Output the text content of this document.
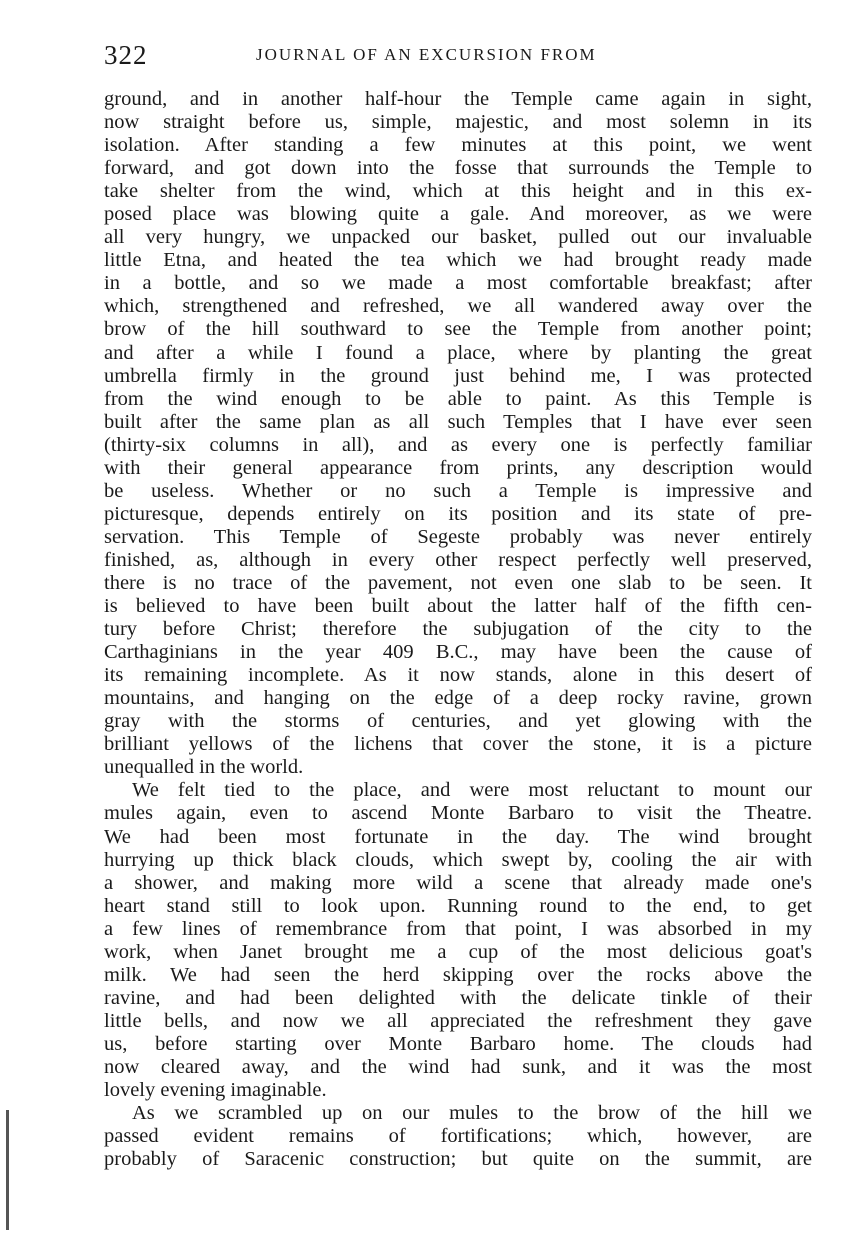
322	JOURNAL OF AN EXCURSION FROM
ground, and in another half-hour the Temple came again in sight,
now straight before us, simple, majestic, and most solemn in its
isolation. After standing a few minutes at this point, we went
forward, and got down into the fosse that surrounds the Temple to
take shelter from the wind, which at this height and in this ex-
posed place was blowing quite a gale. And moreover, as we were
all very hungry, we unpacked our basket, pulled out our invaluable
little Etna, and heated the tea which we had brought ready made
in a bottle, and so we made a most comfortable breakfast; after
which, strengthened and refreshed, we all wandered away over the
brow of the hill southward to see the Temple from another point;
and after a while I found a place, where by planting the great
umbrella firmly in the ground just behind me, I was protected
from the wind enough to be able to paint. As this Temple is
built after the same plan as all such Temples that I have ever seen
(thirty-six columns in all), and as every one is perfectly familiar
with their general appearance from prints, any description would
be useless. Whether or no such a Temple is impressive and
picturesque, depends entirely on its position and its state of pre-
servation. This Temple of Segeste probably was never entirely
finished, as, although in every other respect perfectly well preserved,
there is no trace of the pavement, not even one slab to be seen. It
is believed to have been built about the latter half of the fifth cen-
tury before Christ; therefore the subjugation of the city to the
Carthaginians in the year 409 B.C., may have been the cause of
its remaining incomplete. As it now stands, alone in this desert of
mountains, and hanging on the edge of a deep rocky ravine, grown
gray with the storms of centuries, and yet glowing with the
brilliant yellows of the lichens that cover the stone, it is a picture
unequalled in the world.
We felt tied to the place, and were most reluctant to mount our
mules again, even to ascend Monte Barbaro to visit the Theatre.
We had been most fortunate in the day. The wind brought
hurrying up thick black clouds, which swept by, cooling the air with
a shower, and making more wild a scene that already made one's
heart stand still to look upon. Running round to the end, to get
a few lines of remembrance from that point, I was absorbed in my
work, when Janet brought me a cup of the most delicious goat's
milk. We had seen the herd skipping over the rocks above the
ravine, and had been delighted with the delicate tinkle of their
little bells, and now we all appreciated the refreshment they gave
us, before starting over Monte Barbaro home. The clouds had
now cleared away, and the wind had sunk, and it was the most
lovely evening imaginable.
As we scrambled up on our mules to the brow of the hill we
passed evident remains of fortifications; which, however, are
probably of Saracenic construction; but quite on the summit, are
